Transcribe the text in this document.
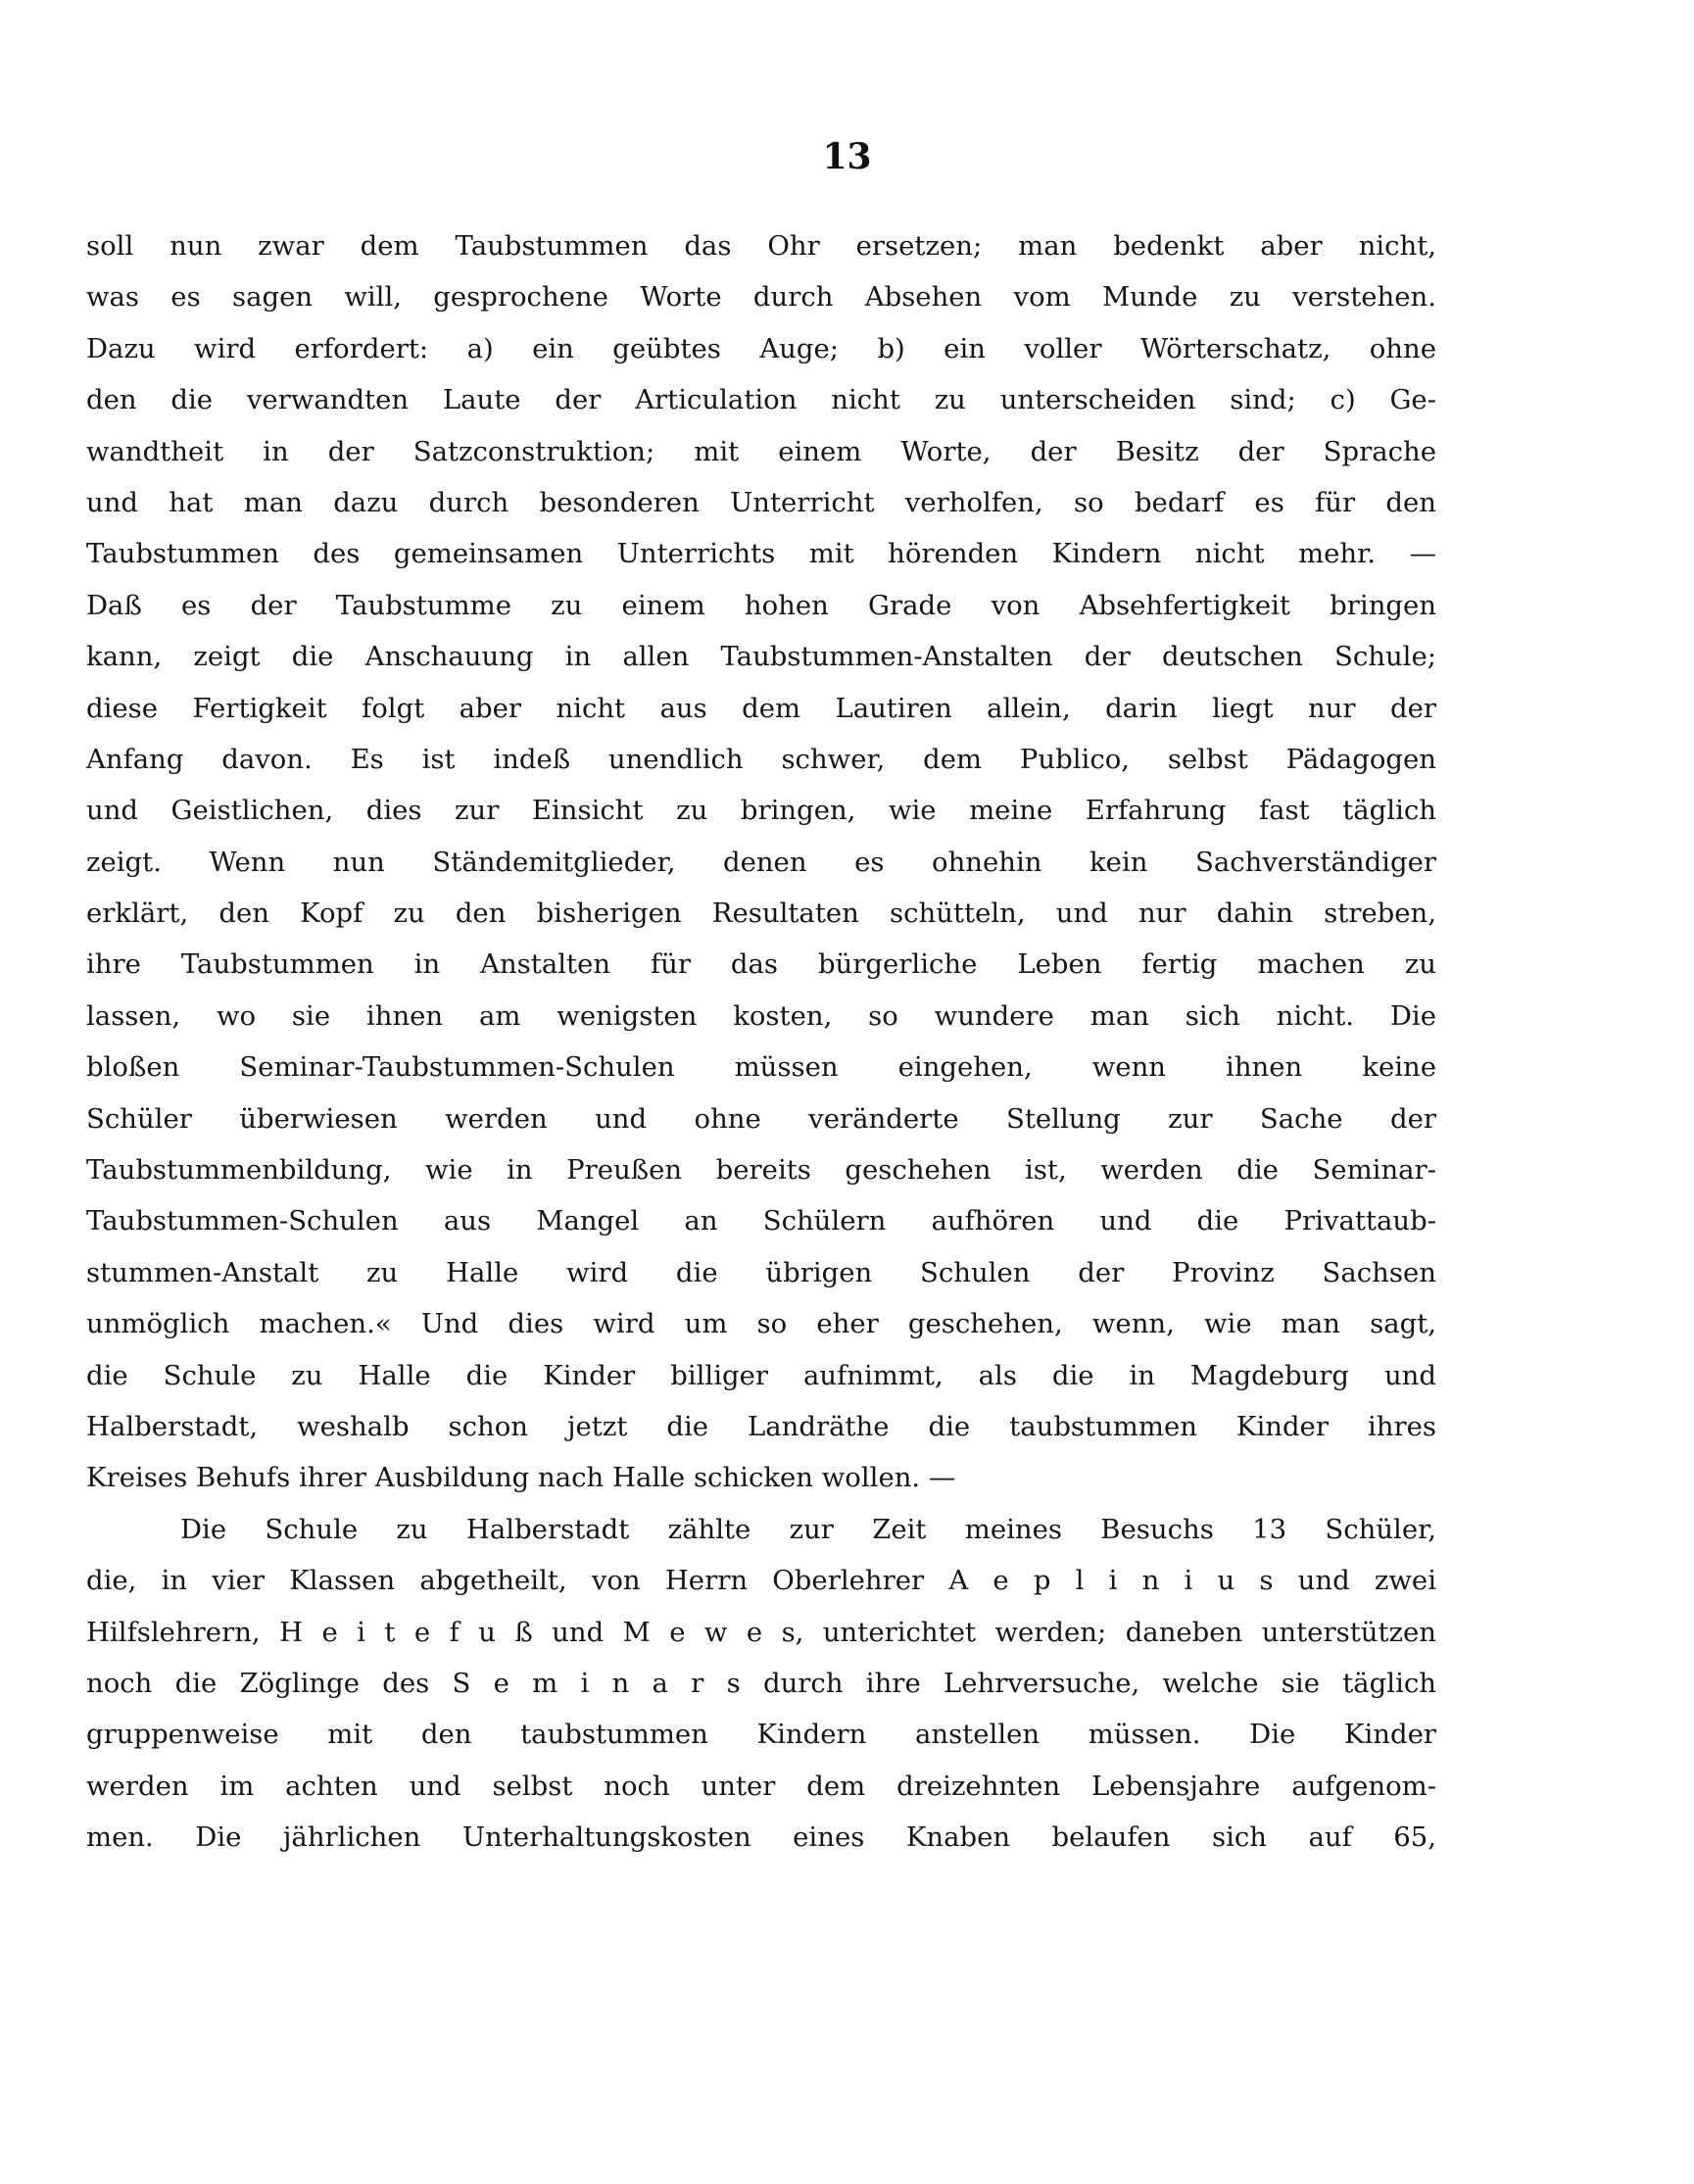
13
soll nun zwar dem Taubstummen das Ohr ersetzen; man bedenkt aber nicht,
was es sagen will, gesprochene Worte durch Absehen vom Munde zu verstehen.
Dazu wird erfordert: a) ein geübtes Auge; b) ein voller Wörterschatz, ohne
den die verwandten Laute der Articulation nicht zu unterscheiden sind; c) Ge-
wandtheit in der Satzconstruktion; mit einem Worte, der Besitz der Sprache
und hat man dazu durch besonderen Unterricht verholfen, so bedarf es für den
Taubstummen des gemeinsamen Unterrichts mit hörenden Kindern nicht mehr. —
Daß es der Taubstumme zu einem hohen Grade von Absehfertigkeit bringen
kann, zeigt die Anschauung in allen Taubstummen-Anstalten der deutschen Schule;
diese Fertigkeit folgt aber nicht aus dem Lautiren allein, darin liegt nur der
Anfang davon. Es ist indeß unendlich schwer, dem Publico, selbst Pädagogen
und Geistlichen, dies zur Einsicht zu bringen, wie meine Erfahrung fast täglich
zeigt. Wenn nun Ständemitglieder, denen es ohnehin kein Sachverständiger
erklärt, den Kopf zu den bisherigen Resultaten schütteln, und nur dahin streben,
ihre Taubstummen in Anstalten für das bürgerliche Leben fertig machen zu
lassen, wo sie ihnen am wenigsten kosten, so wundere man sich nicht. Die
bloßen Seminar-Taubstummen-Schulen müssen eingehen, wenn ihnen keine
Schüler überwiesen werden und ohne veränderte Stellung zur Sache der
Taubstummenbildung, wie in Preußen bereits geschehen ist, werden die Seminar-
Taubstummen-Schulen aus Mangel an Schülern aufhören und die Privattaub-
stummen-Anstalt zu Halle wird die übrigen Schulen der Provinz Sachsen
unmöglich machen.« Und dies wird um so eher geschehen, wenn, wie man sagt,
die Schule zu Halle die Kinder billiger aufnimmt, als die in Magdeburg und
Halberstadt, weshalb schon jetzt die Landräthe die taubstummen Kinder ihres
Kreises Behufs ihrer Ausbildung nach Halle schicken wollen. —
Die Schule zu Halberstadt zählte zur Zeit meines Besuchs 13 Schüler,
die, in vier Klassen abgetheilt, von Herrn Oberlehrer A e p l i n i u s und zwei
Hilfslehrern, H e i t e f u ß und M e w e s, unterichtet werden; daneben unterstützen
noch die Zöglinge des S e m i n a r s durch ihre Lehrversuche, welche sie täglich
gruppenweise mit den taubstummen Kindern anstellen müssen. Die Kinder
werden im achten und selbst noch unter dem dreizehnten Lebensjahre aufgenom-
men. Die jährlichen Unterhaltungskosten eines Knaben belaufen sich auf 65,
